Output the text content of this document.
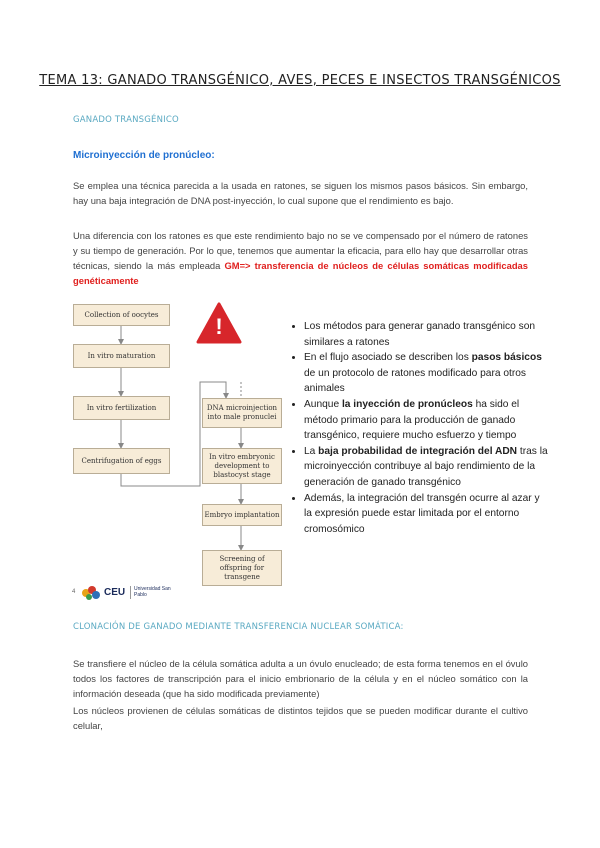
TEMA 13: GANADO TRANSGÉNICO, AVES, PECES E INSECTOS TRANSGÉNICOS
GANADO TRANSGÉNICO
Microinyección de pronúcleo:
Se emplea una técnica parecida a la usada en ratones, se siguen los mismos pasos básicos. Sin embargo, hay una baja integración de DNA post-inyección, lo cual supone que el rendimiento es bajo.
Una diferencia con los ratones es que este rendimiento bajo no se ve compensado por el número de ratones y su tiempo de generación. Por lo que, tenemos que aumentar la eficacia, para ello hay que desarrollar otras técnicas, siendo la más empleada GM=> transferencia de núcleos de células somáticas modificadas genéticamente
Collection of oocytes
In vitro maturation
In vitro fertilization
Centrifugation of eggs
DNA microinjection into male pronuclei
In vitro embryonic development to blastocyst stage
Embryo implantation
Screening of offspring for transgene
!
•	Los métodos para generar ganado transgénico son similares a ratones
• En el flujo asociado se describen los pasos básicos de un protocolo de ratones modificado para otros animales
• Aunque la inyección de pronúcleos ha sido el método primario para la producción de ganado transgénico, requiere mucho esfuerzo y tiempo
• La baja probabilidad de integración del ADN tras la microinyección contribuye al bajo rendimiento de la generación de ganado transgénico
• Además, la integración del transgén ocurre al azar y la expresión puede estar limitada por el entorno cromosómico
4	CEU Universidad San Pablo
CLONACIÓN DE GANADO MEDIANTE TRANSFERENCIA NUCLEAR SOMÁTICA:
Se transfiere el núcleo de la célula somática adulta a un óvulo enucleado; de esta forma tenemos en el óvulo todos los factores de transcripción para el inicio embrionario de la célula y en el núcleo somático con la información deseada (que ha sido modificada previamente)
Los núcleos provienen de células somáticas de distintos tejidos que se pueden modificar durante el cultivo celular,
